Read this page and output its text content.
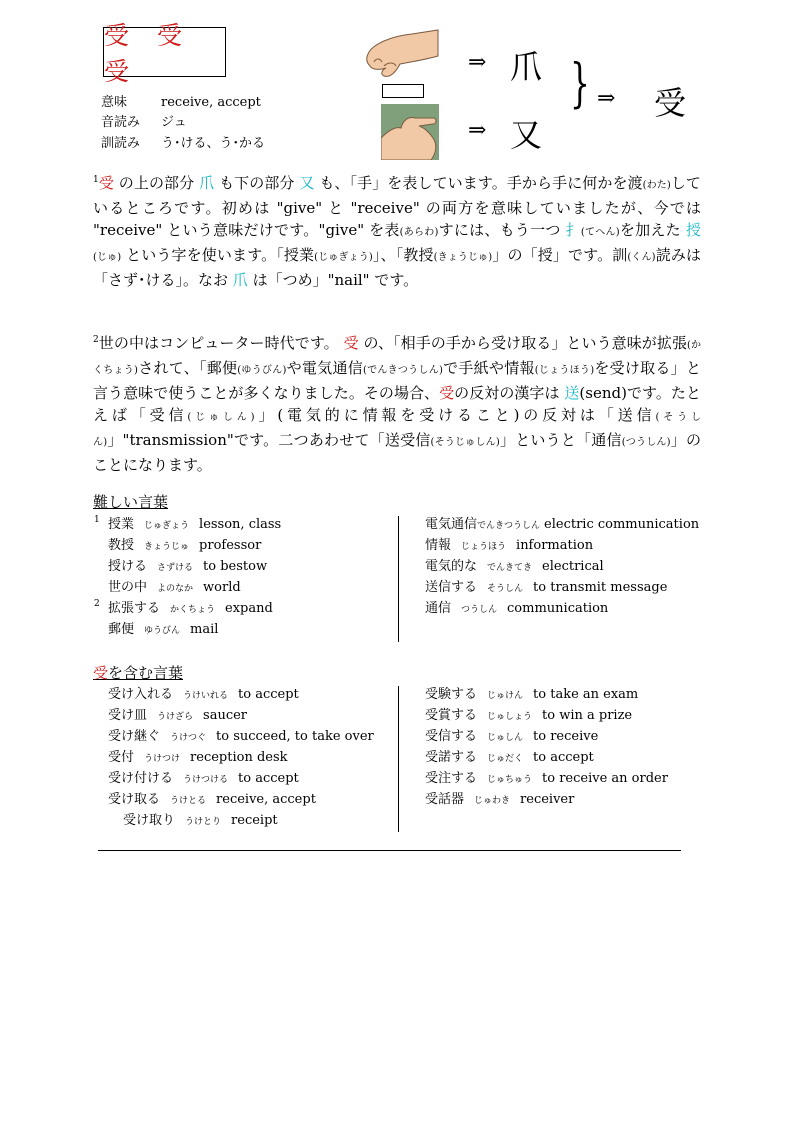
受 受 受
意味	receive, accept
音読み ジュ
訓読み う･ける、う･かる
⇒ 爪
⇒ 又
} ⇒ 受
$^1$受 の上の部分 爪 も下の部分 又 も、「手」を表しています。手から手に何かを渡(わた)しているところです。初めは "give" と "receive" の両方を意味していましたが、今では "receive" という意味だけです。"give" を表(あらわ)すには、もう一つ 扌(てへん)を加えた 授(じゅ) という字を使います。「授業(じゅぎょう)」、「教授(きょうじゅ)」の「授」です。訓(くん)読みは「さず･ける」。なお 爪 は「つめ」"nail" です。
$^2$世の中はコンピューター時代です。 受 の、「相手の手から受け取る」という意味が拡張(かくちょう)されて、「郵便(ゆうびん)や電気通信(でんきつうしん)で手紙や情報(じょうほう)を受け取る」と言う意味で使うことが多くなりました。その場合、受の反対の漢字は 送(send)です。たとえば「受信(じゅしん)」(電気的に情報を受けること)の反対は「送信(そうしん)」"transmission"です。二つあわせて「送受信(そうじゅしん)」というと「通信(つうしん)」のことになります。
難しい言葉
1 授業 じゅぎょう lesson, class
教授 きょうじゅ professor
授ける さずける to bestow
世の中 よのなか world
2 拡張する かくちょう expand
郵便 ゆうびん mail
電気通信でんきつうしん electric communication
情報 じょうほう information
電気的な でんきてき electrical
送信する そうしん to transmit message
通信 つうしん communication
受を含む言葉
受け入れる うけいれる to accept
受け皿 うけざら saucer
受け継ぐ うけつぐ to succeed, to take over
受付 うけつけ reception desk
受け付ける うけつける to accept
受け取る うけとる receive, accept
受け取り うけとり receipt
受験する じゅけん to take an exam
受賞する じゅしょう to win a prize
受信する じゅしん to receive
受諾する じゅだく to accept
受注する じゅちゅう to receive an order
受話器 じゅわき receiver
